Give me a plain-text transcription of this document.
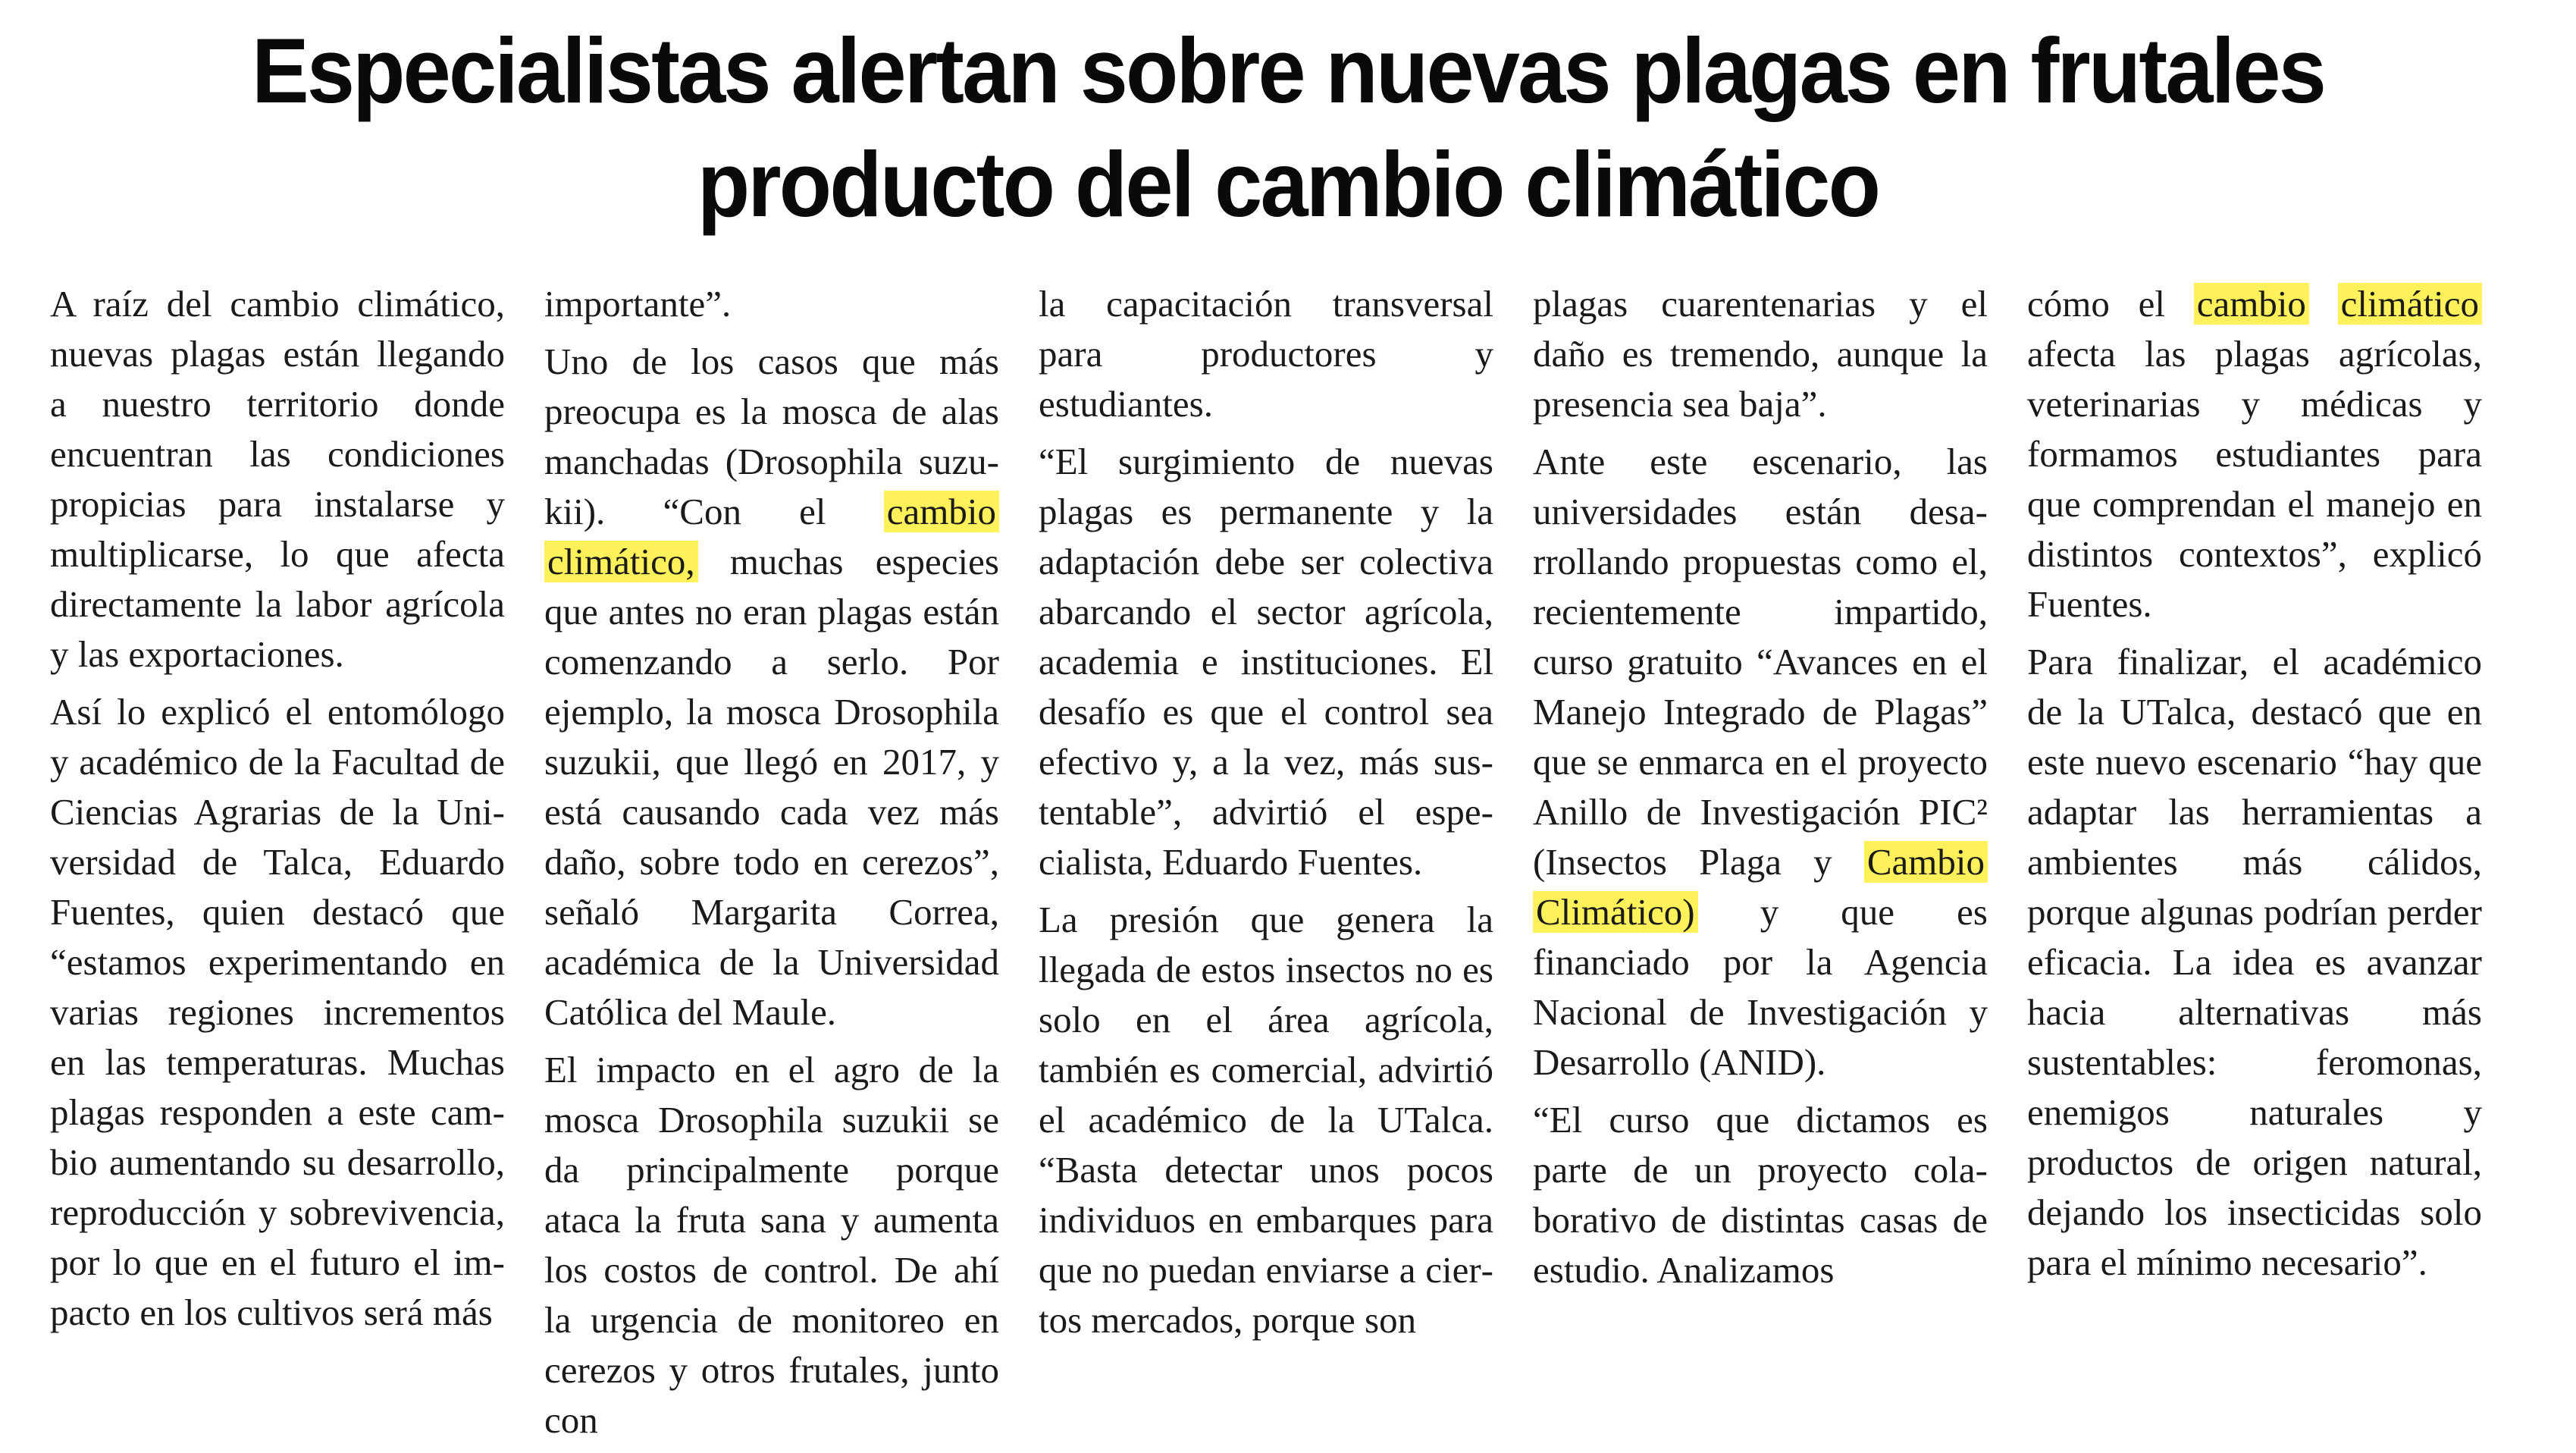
Especialistas alertan sobre nuevas plagas en frutales
producto del cambio climático

A raíz del cambio climático, nuevas plagas están llegando a nuestro territorio donde encuentran las condiciones propicias para instalarse y multiplicarse, lo que afecta directamente la labor agrícola y las exportaciones.

Así lo explicó el entomólogo y académico de la Facultad de Ciencias Agrarias de la Universidad de Talca, Eduardo Fuentes, quien destacó que “estamos experimentando en varias regiones incrementos en las temperaturas. Muchas plagas responden a este cambio aumentando su desarrollo, reproducción y sobrevivencia, por lo que en el futuro el impacto en los cultivos será más

importante”.

Uno de los casos que más preocupa es la mosca de alas manchadas (Drosophila suzukii). “Con el cambio climático, muchas especies que antes no eran plagas están comenzando a serlo. Por ejemplo, la mosca Drosophila suzukii, que llegó en 2017, y está causando cada vez más daño, sobre todo en cerezos”, señaló Margarita Correa, académica de la Universidad Católica del Maule.

El impacto en el agro de la mosca Drosophila suzukii se da principalmente porque ataca la fruta sana y aumenta los costos de control. De ahí la urgencia de monitoreo en cerezos y otros frutales, junto con

la capacitación transversal para productores y estudiantes.

“El surgimiento de nuevas plagas es permanente y la adaptación debe ser colectiva abarcando el sector agrícola, academia e instituciones. El desafío es que el control sea efectivo y, a la vez, más sustentable”, advirtió el especialista, Eduardo Fuentes.

La presión que genera la llegada de estos insectos no es solo en el área agrícola, también es comercial, advirtió el académico de la UTalca. “Basta detectar unos pocos individuos en embarques para que no puedan enviarse a ciertos mercados, porque son

plagas cuarentenarias y el daño es tremendo, aunque la presencia sea baja”.

Ante este escenario, las universidades están desarrollando propuestas como el, recientemente impartido, curso gratuito “Avances en el Manejo Integrado de Plagas” que se enmarca en el proyecto Anillo de Investigación PIC² (Insectos Plaga y Cambio Climático) y que es financiado por la Agencia Nacional de Investigación y Desarrollo (ANID).

“El curso que dictamos es parte de un proyecto colaborativo de distintas casas de estudio. Analizamos

cómo el cambio climático afecta las plagas agrícolas, veterinarias y médicas y formamos estudiantes para que comprendan el manejo en distintos contextos”, explicó Fuentes.

Para finalizar, el académico de la UTalca, destacó que en este nuevo escenario “hay que adaptar las herramientas a ambientes más cálidos, porque algunas podrían perder eficacia. La idea es avanzar hacia alternativas más sustentables: feromonas, enemigos naturales y productos de origen natural, dejando los insecticidas solo para el mínimo necesario”.
